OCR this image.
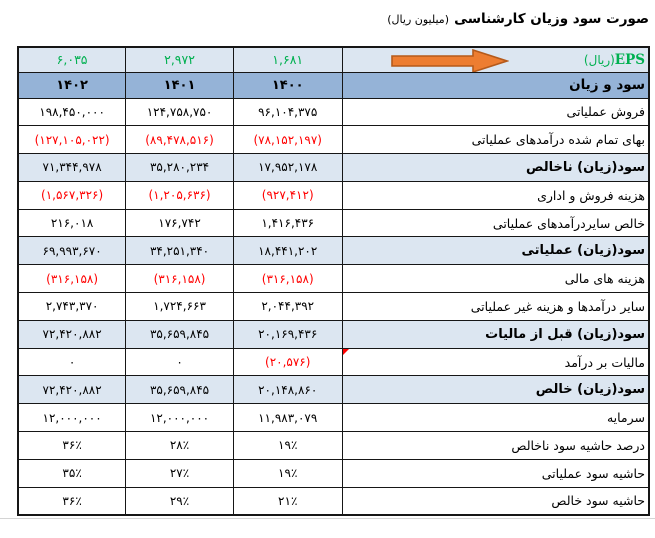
صورت سود وزیان کارشناسی (میلیون ریال)
EPS(ریال)	۱,۶۸۱	۲,۹۷۲	۶,۰۳۵
سود و زیان	۱۴۰۰	۱۴۰۱	۱۴۰۲
فروش عملیاتی	۹۶,۱۰۴,۳۷۵	۱۲۴,۷۵۸,۷۵۰	۱۹۸,۴۵۰,۰۰۰
بهای تمام شده درآمدهای عملیاتی	(۷۸,۱۵۲,۱۹۷)	(۸۹,۴۷۸,۵۱۶)	(۱۲۷,۱۰۵,۰۲۲)
سود(زیان) ناخالص	۱۷,۹۵۲,۱۷۸	۳۵,۲۸۰,۲۳۴	۷۱,۳۴۴,۹۷۸
هزینه فروش و اداری	(۹۲۷,۴۱۲)	(۱,۲۰۵,۶۳۶)	(۱,۵۶۷,۳۲۶)
خالص سایردرآمدهای عملیاتی	۱,۴۱۶,۴۳۶	۱۷۶,۷۴۲	۲۱۶,۰۱۸
سود(زیان) عملیاتی	۱۸,۴۴۱,۲۰۲	۳۴,۲۵۱,۳۴۰	۶۹,۹۹۳,۶۷۰
هزینه های مالی	(۳۱۶,۱۵۸)	(۳۱۶,۱۵۸)	(۳۱۶,۱۵۸)
سایر درآمدها و هزینه غیر عملیاتی	۲,۰۴۴,۳۹۲	۱,۷۲۴,۶۶۳	۲,۷۴۳,۳۷۰
سود(زیان) قبل از مالیات	۲۰,۱۶۹,۴۳۶	۳۵,۶۵۹,۸۴۵	۷۲,۴۲۰,۸۸۲
مالیات بر درآمد	(۲۰,۵۷۶)	۰	۰
سود(زیان) خالص	۲۰,۱۴۸,۸۶۰	۳۵,۶۵۹,۸۴۵	۷۲,۴۲۰,۸۸۲
سرمایه	۱۱,۹۸۳,۰۷۹	۱۲,۰۰۰,۰۰۰	۱۲,۰۰۰,۰۰۰
درصد حاشیه سود ناخالص	۱۹٪	۲۸٪	۳۶٪
حاشیه سود عملیاتی	۱۹٪	۲۷٪	۳۵٪
حاشیه سود خالص	۲۱٪	۲۹٪	۳۶٪
